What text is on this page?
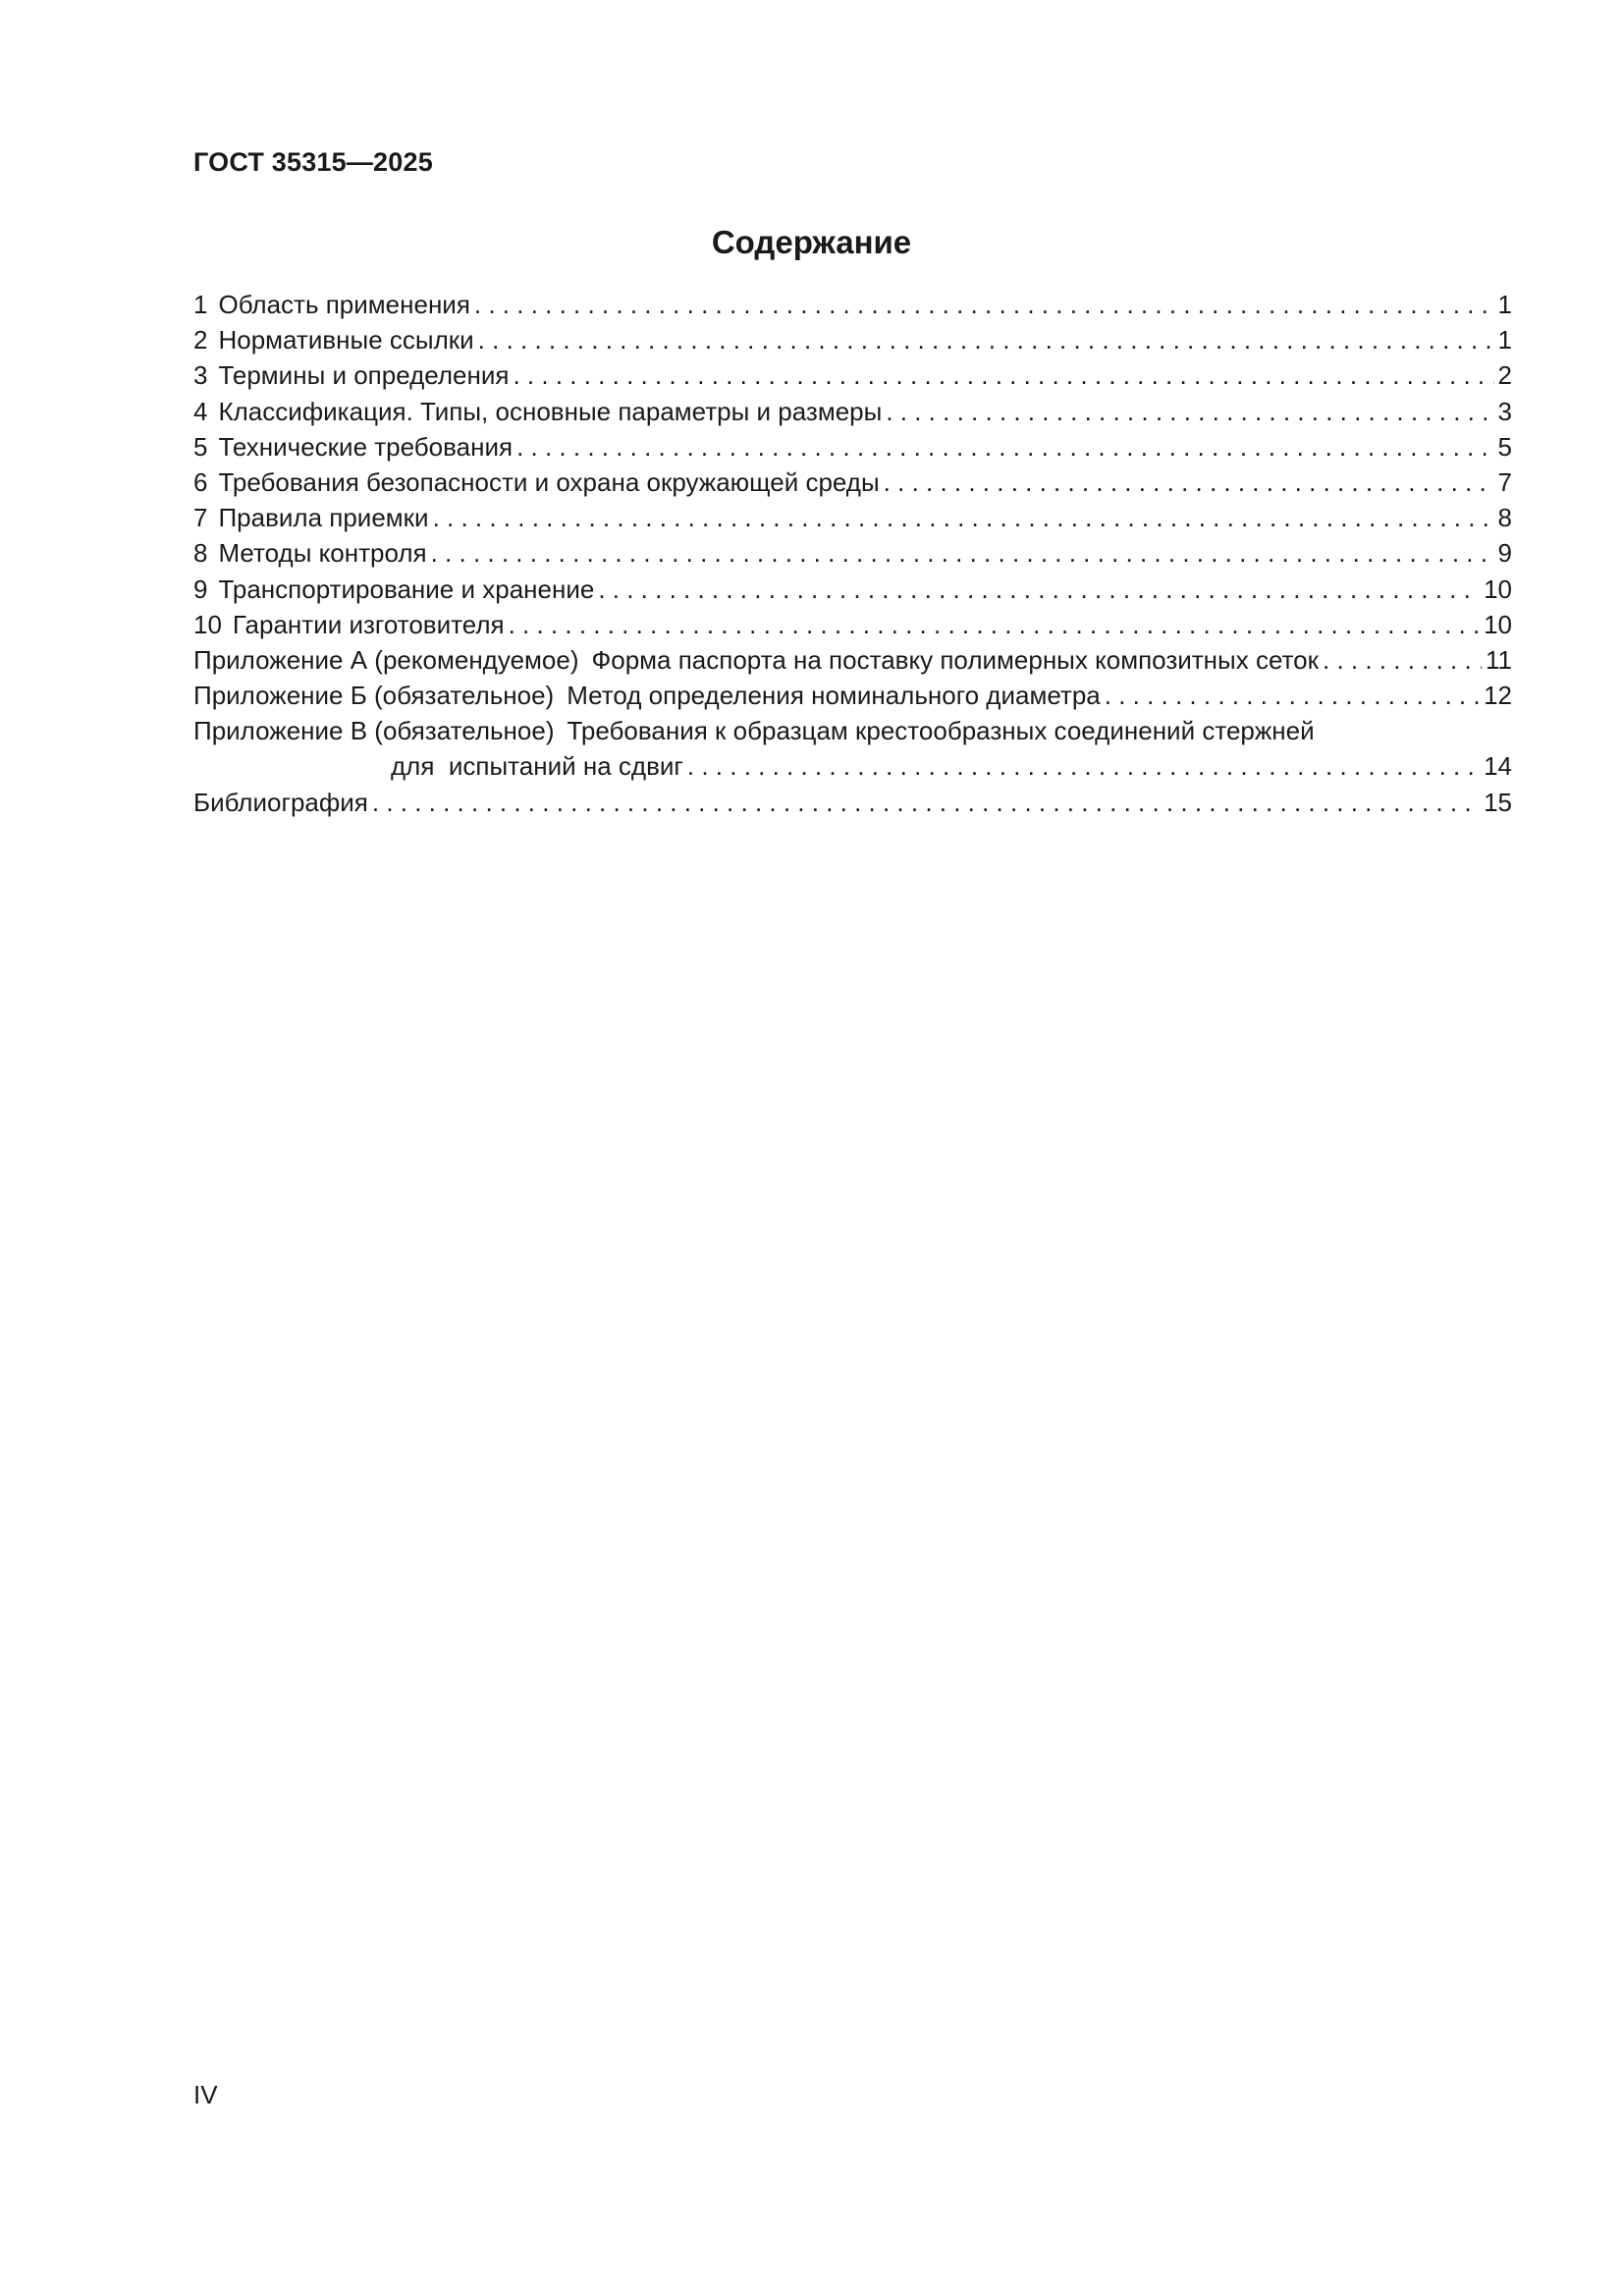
ГОСТ 35315—2025
Содержание
1 Область применения . . .	1
2 Нормативные ссылки . . .	1
3 Термины и определения . . .	2
4 Классификация. Типы, основные параметры и размеры . . .	3
5 Технические требования . . .	5
6 Требования безопасности и охрана окружающей среды . . .	7
7 Правила приемки . . .	8
8 Методы контроля . . .	9
9 Транспортирование и хранение . . .	10
10 Гарантии изготовителя . . .	10
Приложение А (рекомендуемое) Форма паспорта на поставку полимерных композитных сеток . . .	11
Приложение Б (обязательное) Метод определения номинального диаметра . . .	12
Приложение В (обязательное) Требования к образцам крестообразных соединений стержней
для  испытаний на сдвиг . . .	14
Библиография . . .	15
IV
